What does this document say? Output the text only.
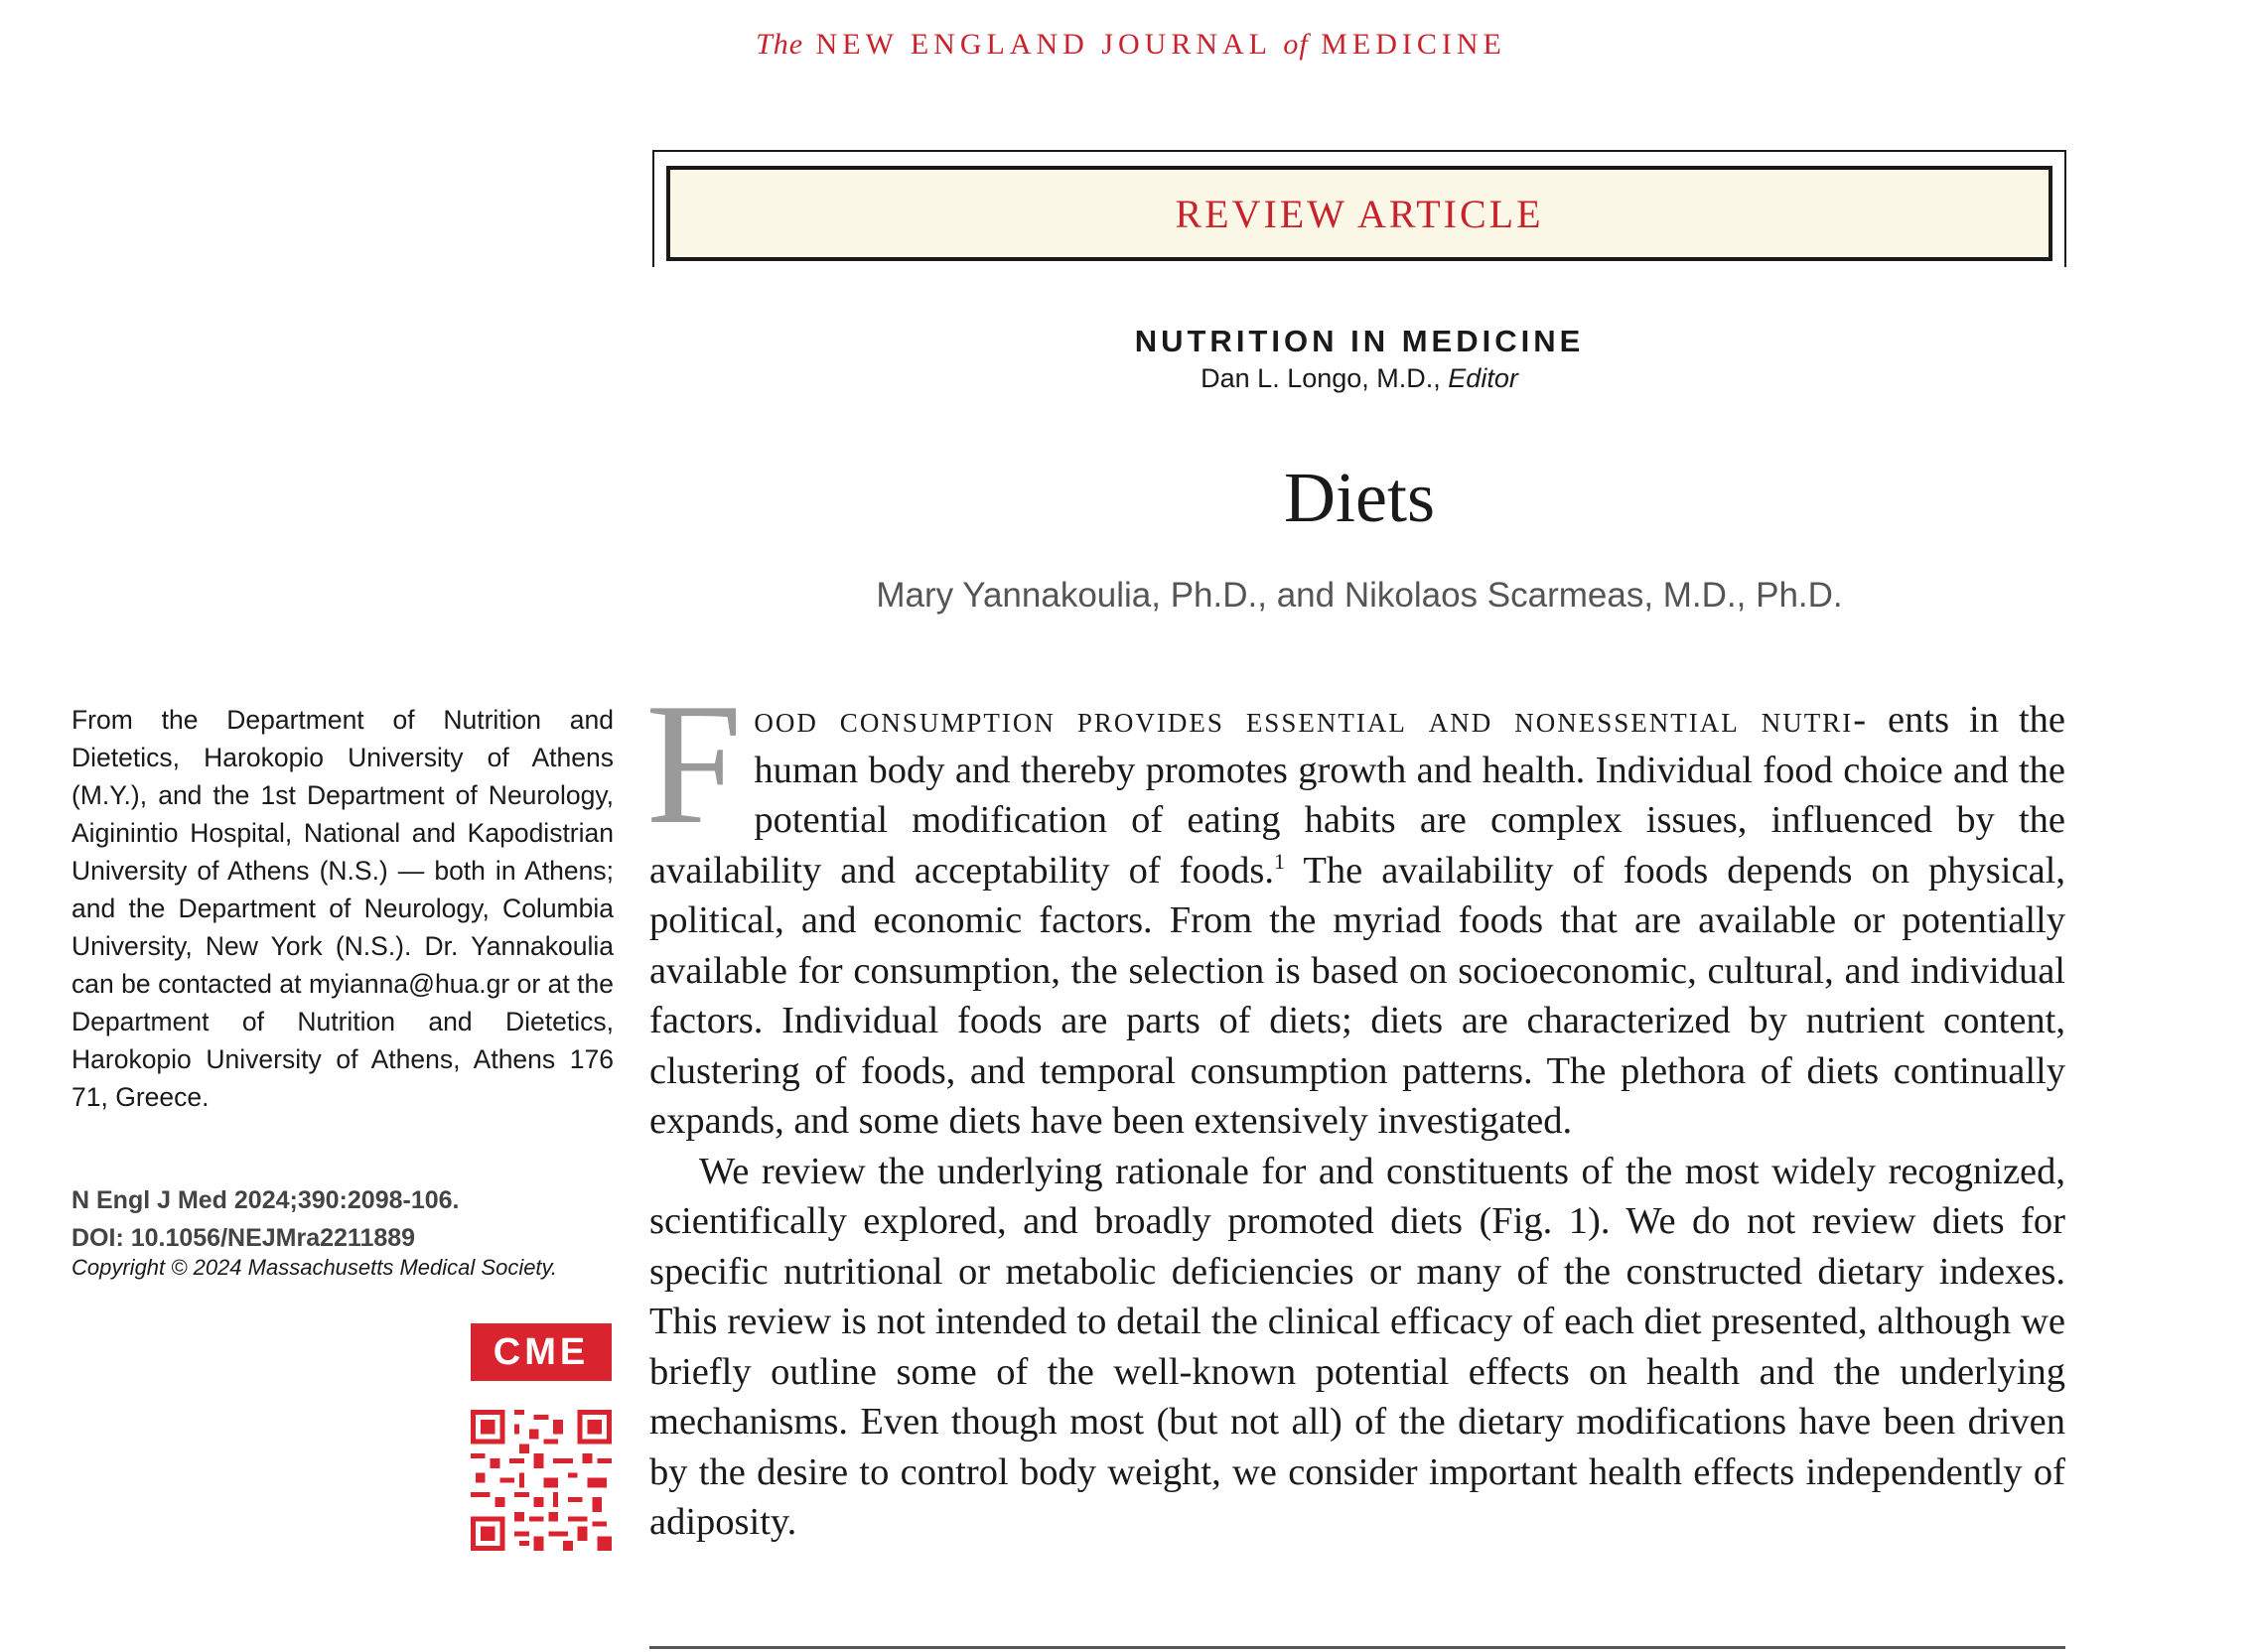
The NEW ENGLAND JOURNAL of MEDICINE
REVIEW ARTICLE
NUTRITION IN MEDICINE
Dan L. Longo, M.D., Editor
Diets
Mary Yannakoulia, Ph.D., and Nikolaos Scarmeas, M.D., Ph.D.
From the Department of Nutrition and Dietetics, Harokopio University of Athens (M.Y.), and the 1st Department of Neurology, Aiginintio Hospital, National and Kapodistrian University of Athens (N.S.) — both in Athens; and the Department of Neurology, Columbia University, New York (N.S.). Dr. Yannakoulia can be contacted at myianna@hua.gr or at the Department of Nutrition and Dietetics, Harokopio University of Athens, Athens 176 71, Greece.
N Engl J Med 2024;390:2098-106.
DOI: 10.1056/NEJMra2211889
Copyright © 2024 Massachusetts Medical Society.
CME

Food consumption provides essential and nonessential nutri- ents in the human body and thereby promotes growth and health. Individual food choice and the potential modification of eating habits are complex issues, influenced by the availability and acceptability of foods.$^1$ The availability of foods depends on physical, political, and economic factors. From the myriad foods that are available or potentially available for consumption, the selection is based on socioeconomic, cultural, and individual factors. Individual foods are parts of diets; diets are characterized by nutrient content, clustering of foods, and temporal consumption patterns. The plethora of diets continually expands, and some diets have been extensively investigated.

We review the underlying rationale for and constituents of the most widely recognized, scientifically explored, and broadly promoted diets (Fig. 1). We do not review diets for specific nutritional or metabolic deficiencies or many of the constructed dietary indexes. This review is not intended to detail the clinical efficacy of each diet presented, although we briefly outline some of the well-known potential effects on health and the underlying mechanisms. Even though most (but not all) of the dietary modifications have been driven by the desire to control body weight, we consider important health effects independently of adiposity.
